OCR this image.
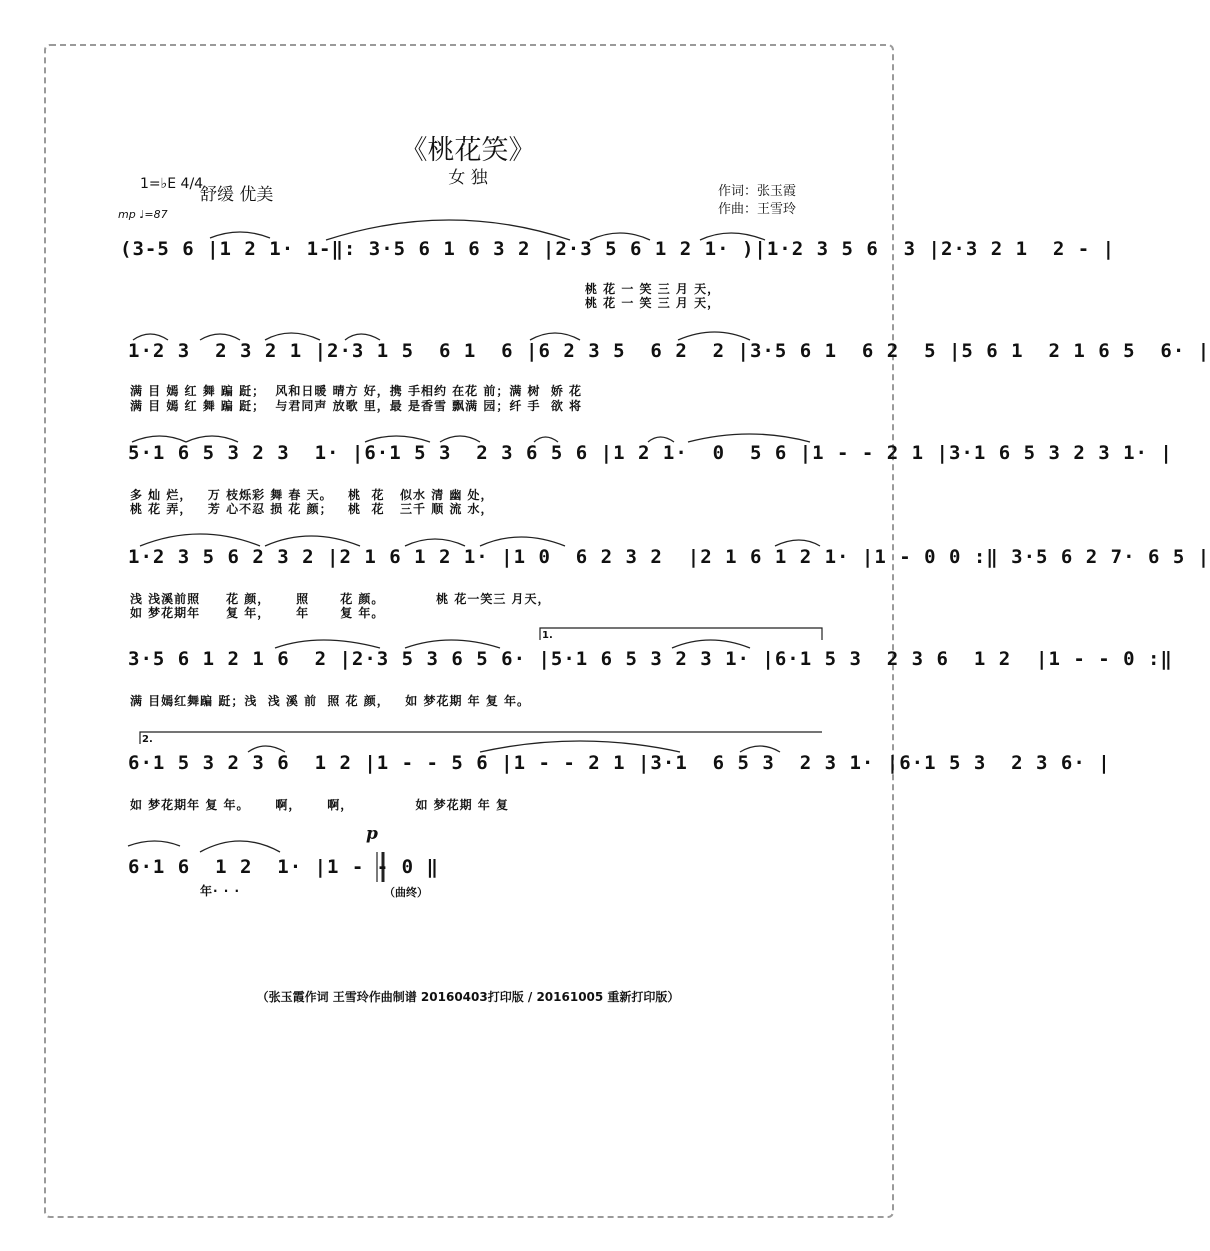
《桃花笑》
女 独
1=♭E 4/4
舒缓 优美
mp ♩=87
作词：张玉霞
作曲：王雪玲
(3-5 6 |1 2 1· 1-‖: 3·5 6 1 6 3 2 |2·3 5 6 1 2 1· )|1·2 3 5 6  3 |2·3 2 1  2 - |
桃 花 一 笑 三 月 天，
桃 花 一 笑 三 月 天，
1·2 3  2 3 2 1 |2·3 1 5  6 1  6 |6 2 3 5  6 2  2 |3·5 6 1  6 2  5 |5 6 1  2 1 6 5  6· |
满 目 嫣 红 舞 蹁 跹；  风和日暖 晴方 好，携 手相约 在花 前；满 树  娇 花
满 目 嫣 红 舞 蹁 跹；  与君同声 放歌 里，最 是香雪 飘满 园；纤 手  欲 将
5·1 6 5 3 2 3  1· |6·1 5 3  2 3 6 5 6 |1 2 1·  0  5 6 |1 - - 2 1 |3·1 6 5 3 2 3 1· |
多 灿 烂，   万 枝烁彩 舞 春 天。   桃  花   似水 清 幽 处，
桃 花 弄，   芳 心不忍 损 花 颜；   桃  花   三千 顺 流 水，
1·2 3 5 6 2 3 2 |2 1 6 1 2 1· |1 0  6 2 3 2  |2 1 6 1 2 1· |1 - 0 0 :‖ 3·5 6 2 7· 6 5 |
浅 浅溪前照     花 颜，     照      花 颜。          桃 花一笑三 月天，
如 梦花期年     复 年，     年      复 年。
1.
3·5 6 1 2 1 6  2 |2·3 5 3 6 5 6· |5·1 6 5 3 2 3 1· |6·1 5 3  2 3 6  1 2  |1 - - 0 :‖
满 目嫣红舞蹁 跹；浅  浅 溪 前  照 花 颜，   如 梦花期 年 复 年。
2.
6·1 5 3 2 3 6  1 2 |1 - - 5 6 |1 - - 2 1 |3·1  6 5 3  2 3 1· |6·1 5 3  2 3 6· |
如 梦花期年 复 年。     啊，     啊，            如 梦花期 年 复
p
6·1 6  1 2  1· |1 - - 0 ‖
年· · ·	（曲终）
（张玉霞作词 王雪玲作曲制谱 20160403打印版 / 20161005 重新打印版）
